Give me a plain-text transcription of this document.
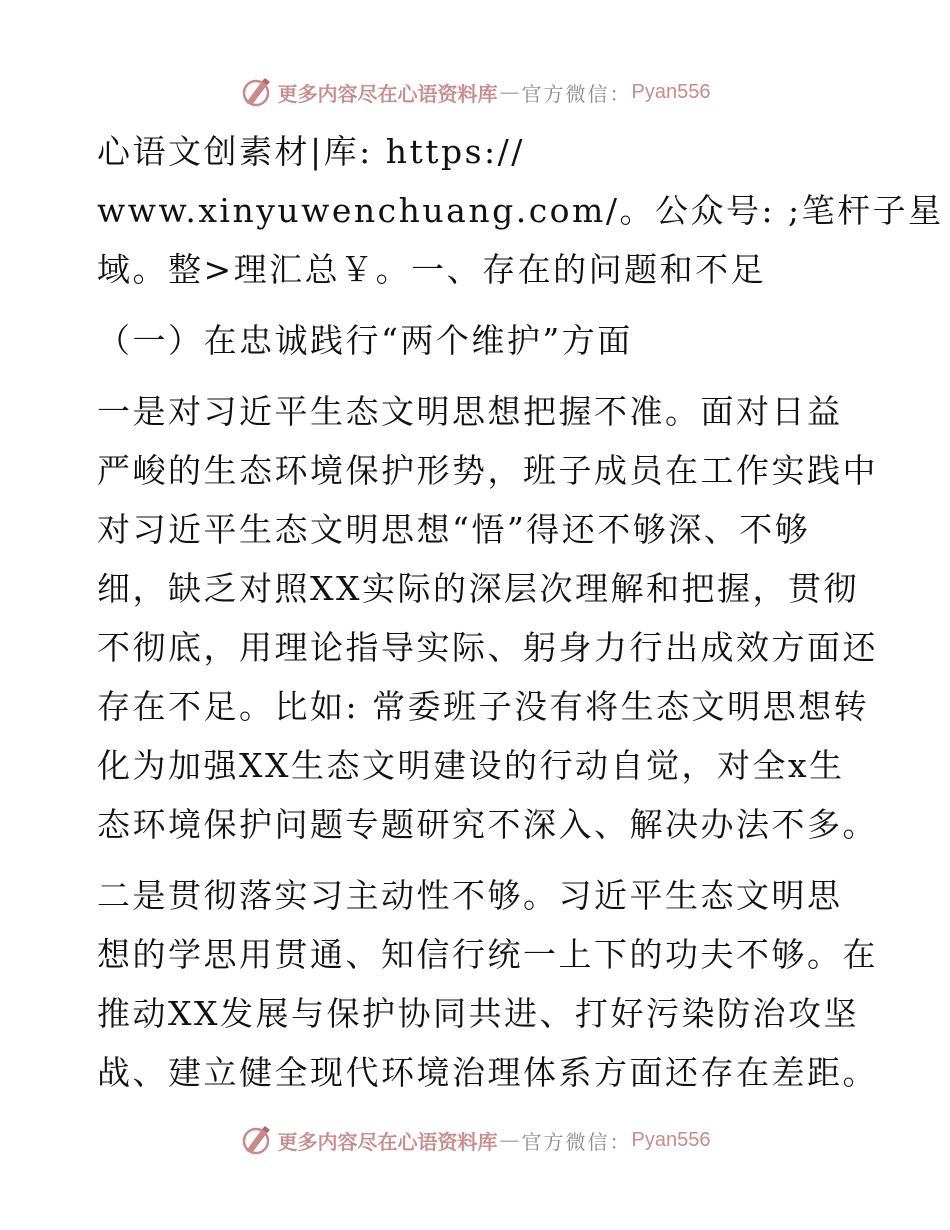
更多内容尽在心语资料库 — 官方微信： Pyan556
心语文创素材|库: https://
www.xinyuwenchuang.com/。公众号: ;笔杆子星
域。整>理汇总￥。一、存在的问题和不足
（一）在忠诚践行“两个维护”方面
一是对习近平生态文明思想把握不准。面对日益
严峻的生态环境保护形势，班子成员在工作实践中
对习近平生态文明思想“悟”得还不够深、不够
细，缺乏对照XX实际的深层次理解和把握，贯彻
不彻底，用理论指导实际、躬身力行出成效方面还
存在不足。比如: 常委班子没有将生态文明思想转
化为加强XX生态文明建设的行动自觉，对全x生
态环境保护问题专题研究不深入、解决办法不多。
二是贯彻落实习主动性不够。习近平生态文明思
想的学思用贯通、知信行统一上下的功夫不够。在
推动XX发展与保护协同共进、打好污染防治攻坚
战、建立健全现代环境治理体系方面还存在差距。
更多内容尽在心语资料库 — 官方微信： Pyan556
